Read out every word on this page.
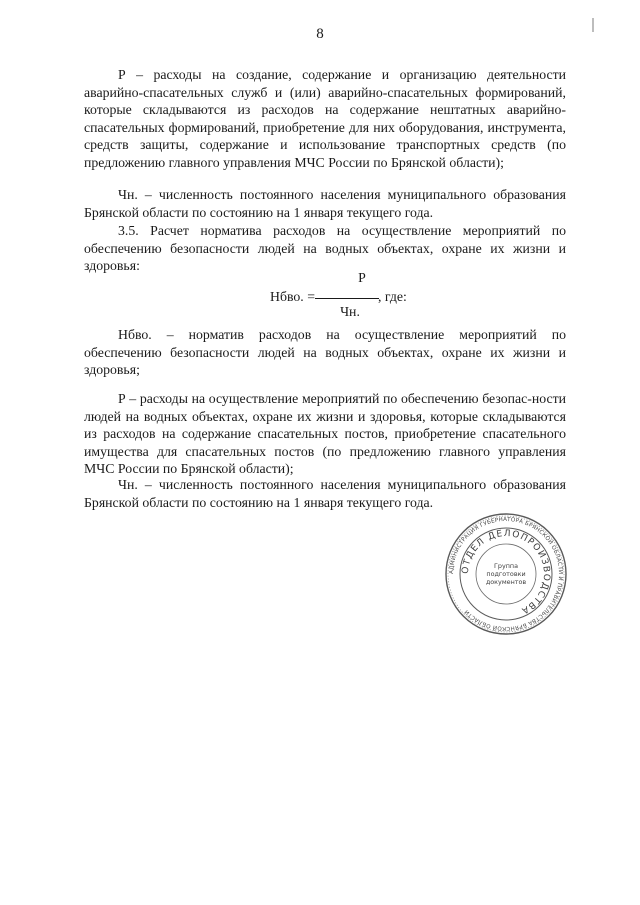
8

Р – расходы на создание, содержание и организацию деятельности аварийно-спасательных служб и (или) аварийно-спасательных формирований, которые складываются из расходов на содержание нештатных аварийно-спасательных формирований, приобретение для них оборудования, инструмента, средств защиты, содержание и использование транспортных средств (по предложению главного управления МЧС России по Брянской области);

Чн. – численность постоянного населения муниципального образования Брянской области по состоянию на 1 января текущего года.

3.5. Расчет норматива расходов на осуществление мероприятий по обеспечению безопасности людей на водных объектах, охране их жизни и здоровья:

Нбво. =
Р
Чн.
, где:

Нбво. – норматив расходов на осуществление мероприятий по обеспечению безопасности людей на водных объектах, охране их жизни и здоровья;

Р – расходы на осуществление мероприятий по обеспечению безопас-ности людей на водных объектах, охране их жизни и здоровья, которые складываются из расходов на содержание спасательных постов, приобретение спасательного имущества для спасательных постов (по предложению главного управления МЧС России по Брянской области);

Чн. – численность постоянного населения муниципального образования Брянской области по состоянию на 1 января текущего года.

АДМИНИСТРАЦИЯ ГУБЕРНАТОРА БРЯНСКОЙ ОБЛАСТИ И ПРАВИТЕЛЬСТВА БРЯНСКОЙ ОБЛАСТИ
ОТДЕЛ ДЕЛОПРОИЗВОДСТВА
Группа
подготовки
документов
